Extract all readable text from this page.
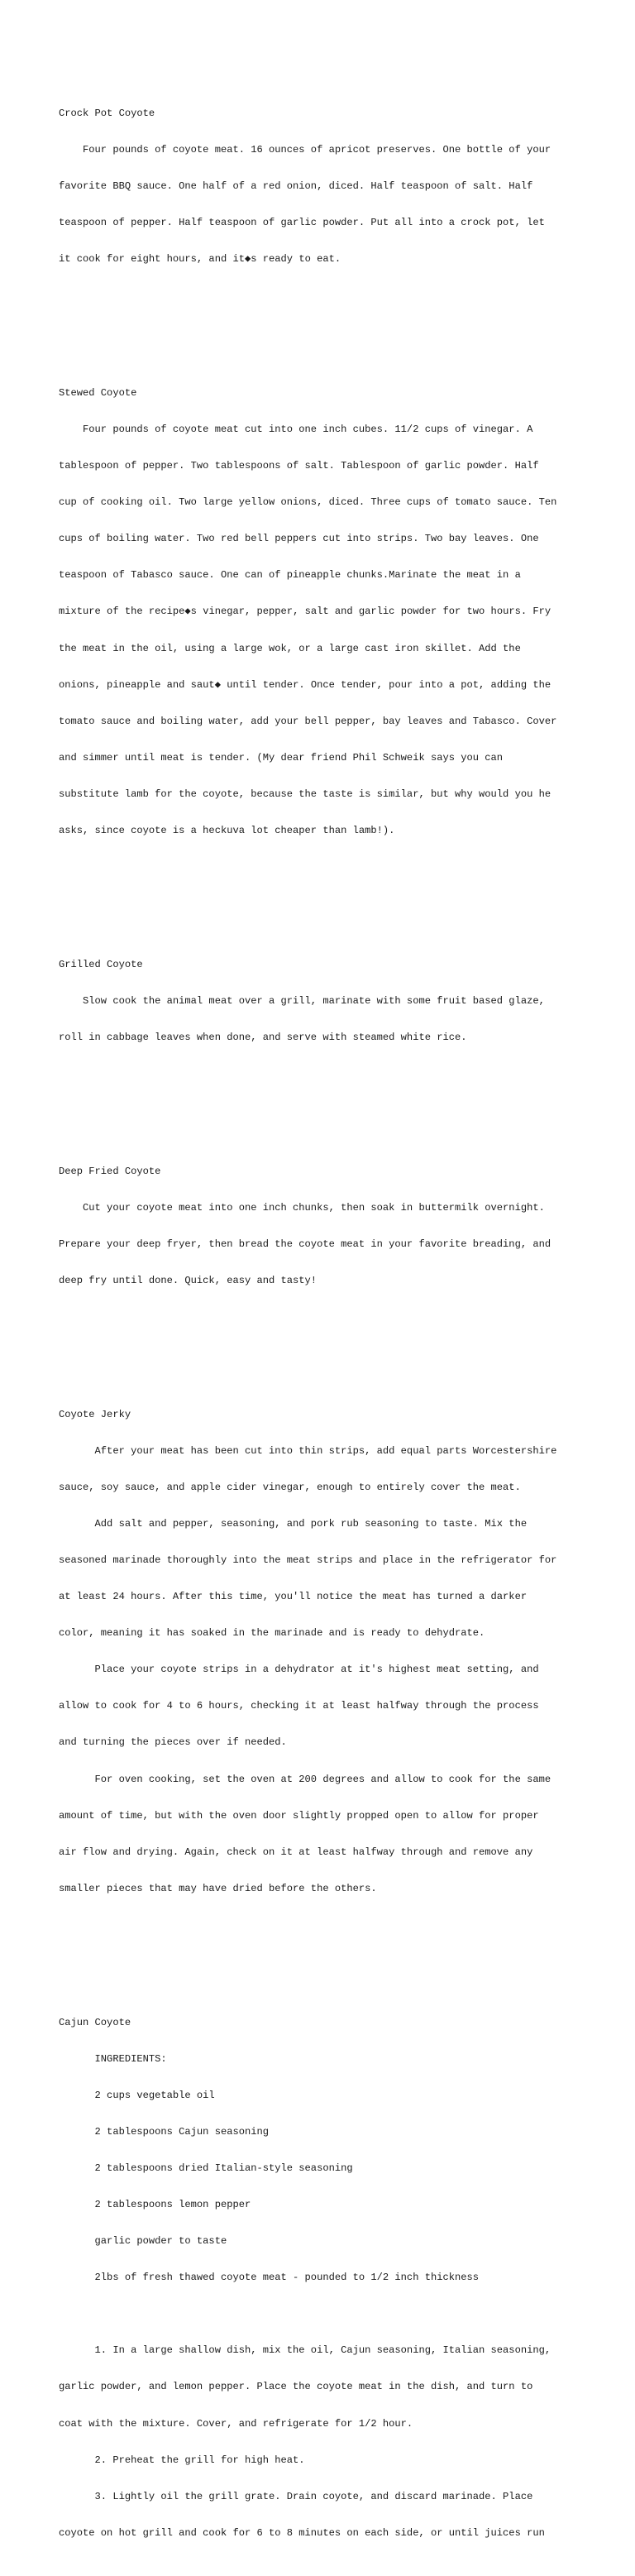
Crock Pot Coyote

Four pounds of coyote meat. 16 ounces of apricot preserves. One bottle of your

favorite BBQ sauce. One half of a red onion, diced. Half teaspoon of salt. Half

teaspoon of pepper. Half teaspoon of garlic powder. Put all into a crock pot, let

it cook for eight hours, and it◆s ready to eat.

Stewed Coyote

Four pounds of coyote meat cut into one inch cubes. 11/2 cups of vinegar. A

tablespoon of pepper. Two tablespoons of salt. Tablespoon of garlic powder. Half

cup of cooking oil. Two large yellow onions, diced. Three cups of tomato sauce. Ten

cups of boiling water. Two red bell peppers cut into strips. Two bay leaves. One

teaspoon of Tabasco sauce. One can of pineapple chunks.Marinate the meat in a

mixture of the recipe◆s vinegar, pepper, salt and garlic powder for two hours. Fry

the meat in the oil, using a large wok, or a large cast iron skillet. Add the

onions, pineapple and saut◆ until tender. Once tender, pour into a pot, adding the

tomato sauce and boiling water, add your bell pepper, bay leaves and Tabasco. Cover

and simmer until meat is tender. (My dear friend Phil Schweik says you can

substitute lamb for the coyote, because the taste is similar, but why would you he

asks, since coyote is a heckuva lot cheaper than lamb!).

Grilled Coyote

Slow cook the animal meat over a grill, marinate with some fruit based glaze,

roll in cabbage leaves when done, and serve with steamed white rice.

Deep Fried Coyote

Cut your coyote meat into one inch chunks, then soak in buttermilk overnight.

Prepare your deep fryer, then bread the coyote meat in your favorite breading, and

deep fry until done. Quick, easy and tasty!

Coyote Jerky

After your meat has been cut into thin strips, add equal parts Worcestershire

sauce, soy sauce, and apple cider vinegar, enough to entirely cover the meat.

Add salt and pepper, seasoning, and pork rub seasoning to taste. Mix the

seasoned marinade thoroughly into the meat strips and place in the refrigerator for

at least 24 hours. After this time, you'll notice the meat has turned a darker

color, meaning it has soaked in the marinade and is ready to dehydrate.

Place your coyote strips in a dehydrator at it's highest meat setting, and

allow to cook for 4 to 6 hours, checking it at least halfway through the process

and turning the pieces over if needed.

For oven cooking, set the oven at 200 degrees and allow to cook for the same

amount of time, but with the oven door slightly propped open to allow for proper

air flow and drying. Again, check on it at least halfway through and remove any

smaller pieces that may have dried before the others.

Cajun Coyote

INGREDIENTS:

2 cups vegetable oil

2 tablespoons Cajun seasoning

2 tablespoons dried Italian-style seasoning

2 tablespoons lemon pepper

garlic powder to taste

2lbs of fresh thawed coyote meat - pounded to 1/2 inch thickness

1. In a large shallow dish, mix the oil, Cajun seasoning, Italian seasoning,

garlic powder, and lemon pepper. Place the coyote meat in the dish, and turn to

coat with the mixture. Cover, and refrigerate for 1/2 hour.

2. Preheat the grill for high heat.

3. Lightly oil the grill grate. Drain coyote, and discard marinade. Place

coyote on hot grill and cook for 6 to 8 minutes on each side, or until juices run
